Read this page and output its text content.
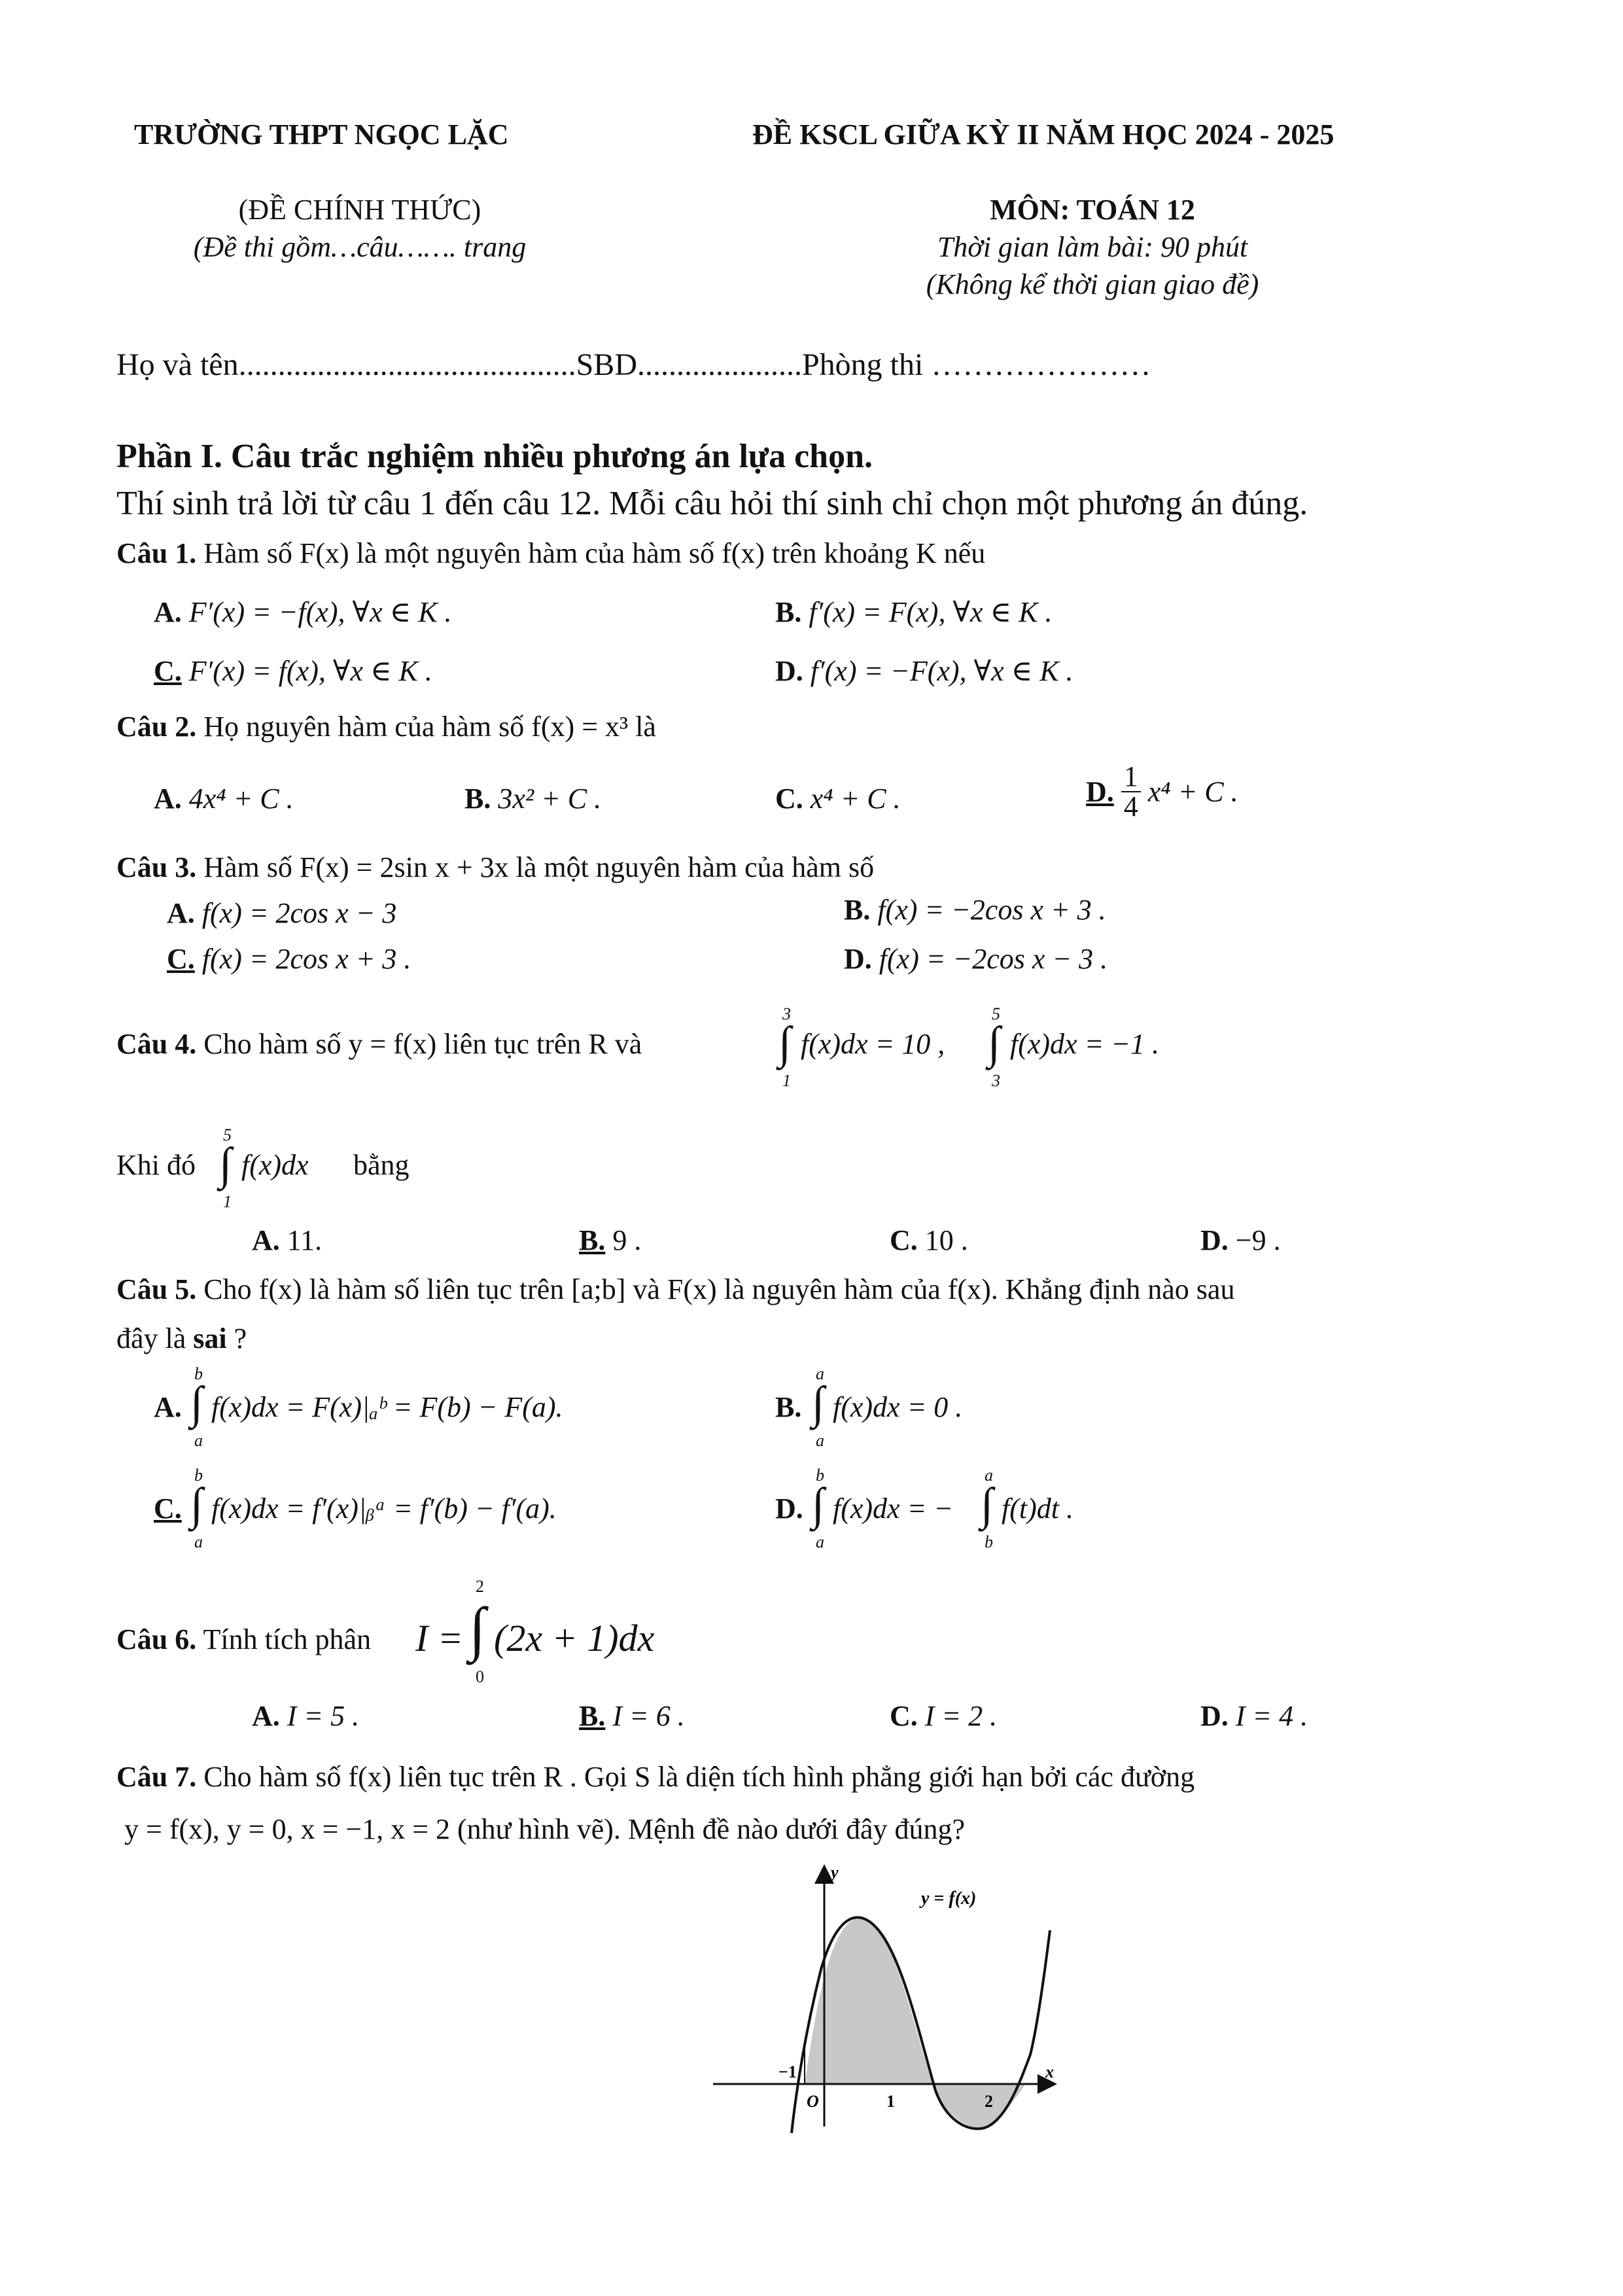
TRƯỜNG THPT NGỌC LẶC	ĐỀ KSCL GIỮA KỲ II NĂM HỌC 2024 - 2025
(ĐỀ CHÍNH THỨC)
(Đề thi gồm…câu……. trang
MÔN: TOÁN 12
Thời gian làm bài: 90 phút
(Không kể thời gian giao đề)
Họ và tên...........................................SBD.....................Phòng thi …………………
Phần I. Câu trắc nghiệm nhiều phương án lựa chọn.
Thí sinh trả lời từ câu 1 đến câu 12. Mỗi câu hỏi thí sinh chỉ chọn một phương án đúng.
Câu 1. Hàm số F(x) là một nguyên hàm của hàm số f(x) trên khoảng K nếu
A. F′(x) = −f(x), ∀x ∈ K .	B. f′(x) = F(x), ∀x ∈ K .
C. F′(x) = f(x), ∀x ∈ K .	D. f′(x) = −F(x), ∀x ∈ K .
Câu 2. Họ nguyên hàm của hàm số f(x) = x³ là
A. 4x⁴ + C .	B. 3x² + C .	C. x⁴ + C .	D. $\frac{1}{4} x^4 + C$ .
Câu 3. Hàm số F(x) = 2sin x + 3x là một nguyên hàm của hàm số
A. f(x) = 2cos x − 3	B. f(x) = −2cos x + 3 .
C. f(x) = 2cos x + 3 .	D. f(x) = −2cos x − 3 .
Câu 4. Cho hàm số y = f(x) liên tục trên R và
3
∫
1
f(x)dx = 10 ,
5
∫
3
f(x)dx = −1 .
Khi đó
5
∫
1
f(x)dx bằng
A. 11.	B. 9 .	C. 10 .	D. −9 .
Câu 5. Cho f(x) là hàm số liên tục trên [a;b] và F(x) là nguyên hàm của f(x). Khẳng định nào sau
đây là sai ?
A.
b
∫
a
f(x)dx = F(x)|ₐᵇ = F(b) − F(a).	B.
a
∫
a
f(x)dx = 0 .
C.
b
∫
a
f(x)dx = f′(x)|ᵦᵃ = f′(b) − f′(a).	D.
b
∫
a
f(x)dx = −
a
∫
b
f(t)dt .
Câu 6. Tính tích phân I =
2
∫
0
(2x + 1)dx
A. I = 5 .	B. I = 6 .	C. I = 2 .	D. I = 4 .
Câu 7. Cho hàm số f(x) liên tục trên R . Gọi S là diện tích hình phẳng giới hạn bởi các đường
y = f(x), y = 0, x = −1, x = 2 (như hình vẽ). Mệnh đề nào dưới đây đúng?
y
x
y = f(x)
O
−1
1	2
